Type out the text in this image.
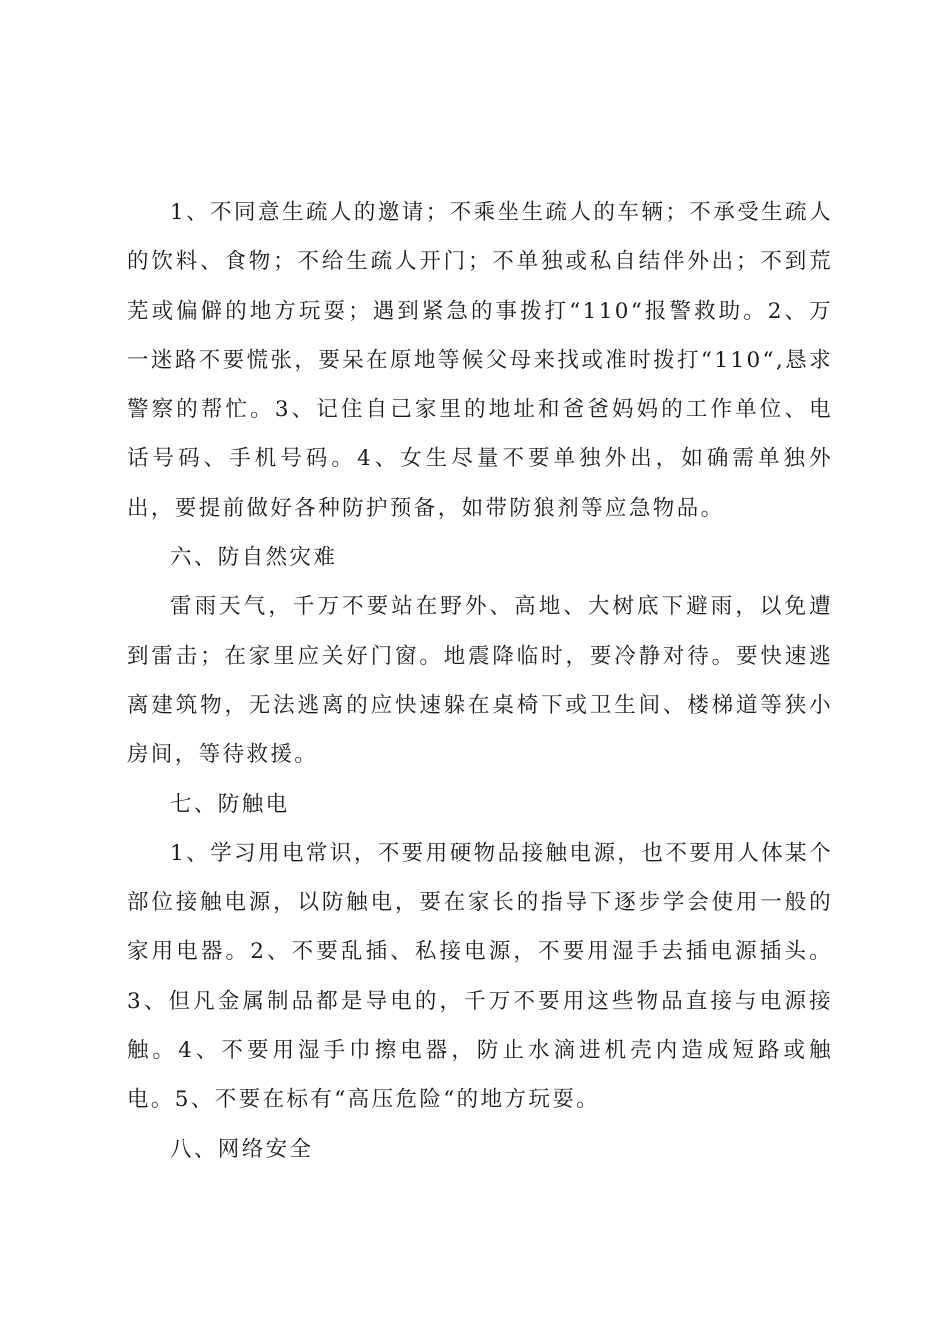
1、不同意生疏人的邀请；不乘坐生疏人的车辆；不承受生疏人的饮料、食物；不给生疏人开门；不单独或私自结伴外出；不到荒芜或偏僻的地方玩耍；遇到紧急的事拨打“110“报警救助。2、万一迷路不要慌张，要呆在原地等候父母来找或准时拨打“110“,恳求警察的帮忙。3、记住自己家里的地址和爸爸妈妈的工作单位、电话号码、手机号码。4、女生尽量不要单独外出，如确需单独外出，要提前做好各种防护预备，如带防狼剂等应急物品。

六、防自然灾难

雷雨天气，千万不要站在野外、高地、大树底下避雨，以免遭到雷击；在家里应关好门窗。地震降临时，要冷静对待。要快速逃离建筑物，无法逃离的应快速躲在桌椅下或卫生间、楼梯道等狭小房间，等待救援。

七、防触电

1、学习用电常识，不要用硬物品接触电源，也不要用人体某个部位接触电源，以防触电，要在家长的指导下逐步学会使用一般的家用电器。2、不要乱插、私接电源，不要用湿手去插电源插头。3、但凡金属制品都是导电的，千万不要用这些物品直接与电源接触。4、不要用湿手巾擦电器，防止水滴进机壳内造成短路或触电。5、不要在标有“高压危险“的地方玩耍。

八、网络安全
